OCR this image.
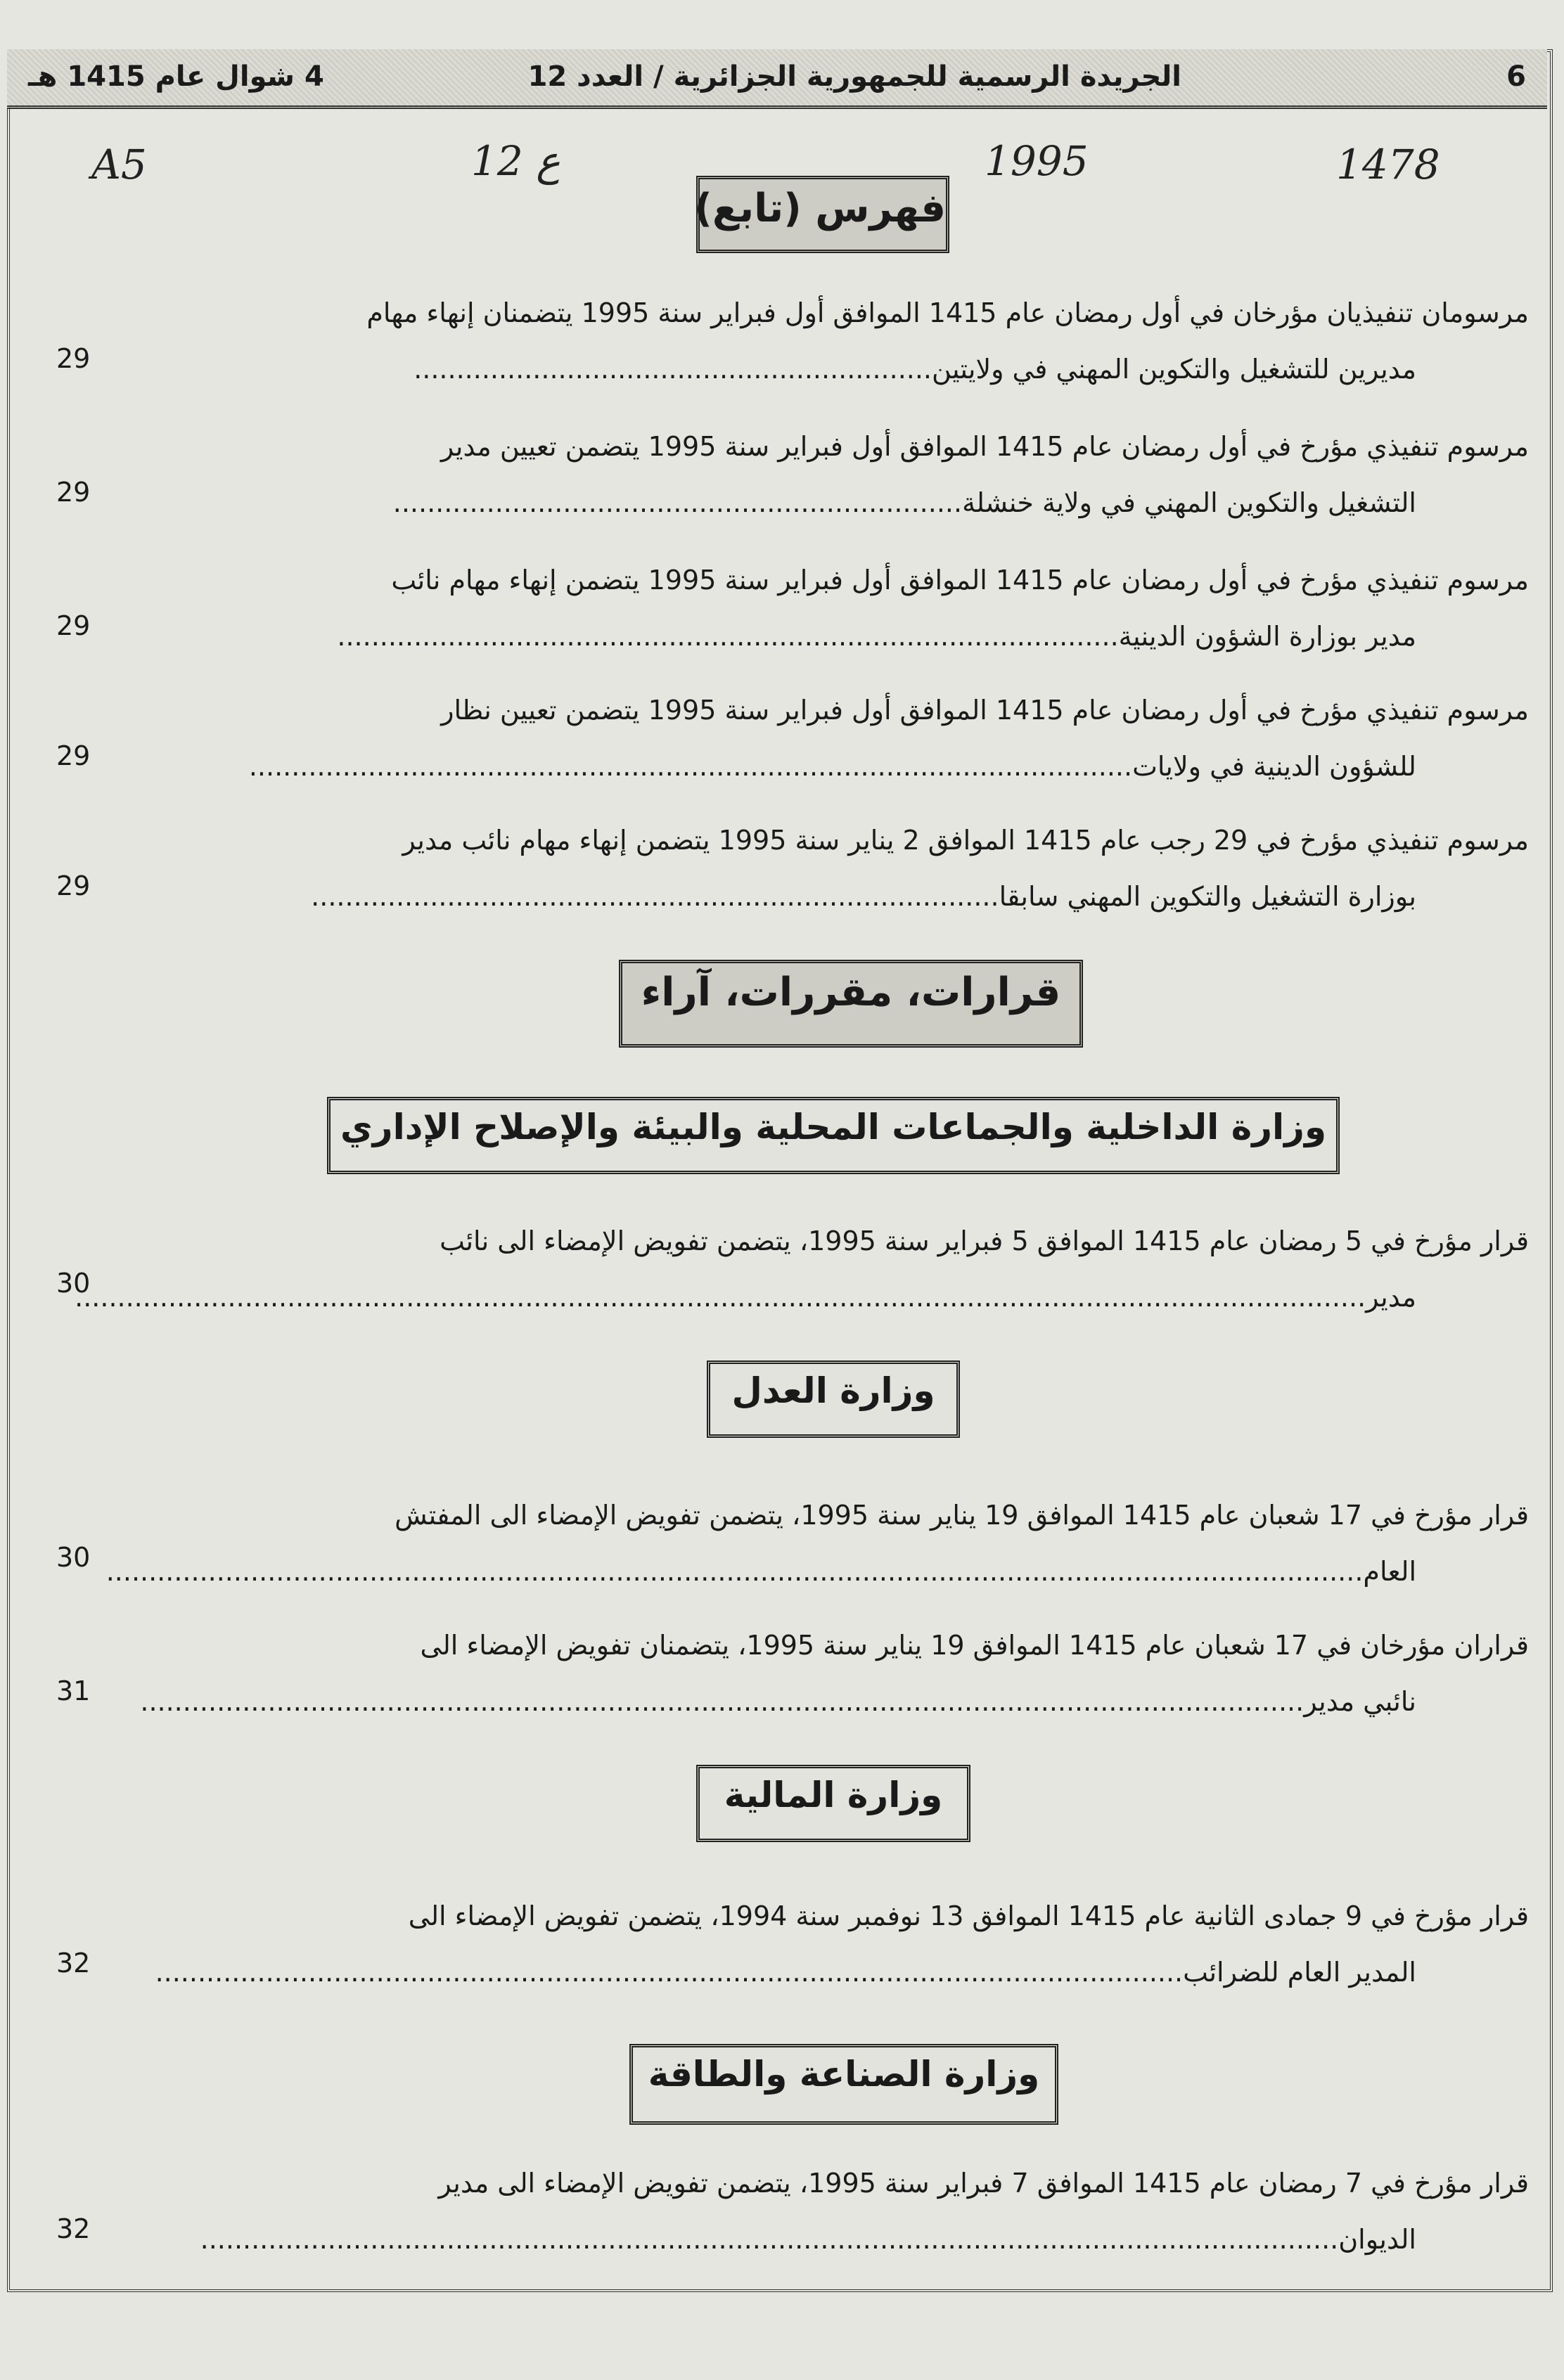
6
الجريدة الرسمية للجمهورية الجزائرية / العدد 12
4 شوال عام 1415 هـ
A5	12 ع	1995	1478
فهرس (تابع)

مرسومان تنفيذيان مؤرخان في أول رمضان عام 1415 الموافق أول فبراير سنة 1995 يتضمنان إنهاء مهام

مديرين للتشغيل والتكوين المهني في ولايتين.............................................................

29

مرسوم تنفيذي مؤرخ في أول رمضان عام 1415 الموافق أول فبراير سنة 1995 يتضمن تعيين مدير

التشغيل والتكوين المهني في ولاية خنشلة...................................................................

29

مرسوم تنفيذي مؤرخ في أول رمضان عام 1415 الموافق أول فبراير سنة 1995 يتضمن إنهاء مهام نائب

مدير بوزارة الشؤون الدينية............................................................................................

29

مرسوم تنفيذي مؤرخ في أول رمضان عام 1415 الموافق أول فبراير سنة 1995 يتضمن تعيين نظار

للشؤون الدينية في ولايات........................................................................................................

29

مرسوم تنفيذي مؤرخ في 29 رجب عام 1415 الموافق 2 يناير سنة 1995 يتضمن إنهاء مهام نائب مدير

بوزارة التشغيل والتكوين المهني سابقا.................................................................................

29
قرارات، مقررات، آراء
وزارة الداخلية والجماعات المحلية والبيئة والإصلاح الإداري

قرار مؤرخ في 5 رمضان عام 1415 الموافق 5 فبراير سنة 1995، يتضمن تفويض الإمضاء الى نائب

مدير........................................................................................................................................................

30
وزارة العدل

قرار مؤرخ في 17 شعبان عام 1415 الموافق 19 يناير سنة 1995، يتضمن تفويض الإمضاء الى المفتش

العام....................................................................................................................................................

30

قراران مؤرخان في 17 شعبان عام 1415 الموافق 19 يناير سنة 1995، يتضمنان تفويض الإمضاء الى

نائبي مدير.........................................................................................................................................

31
وزارة المالية

قرار مؤرخ في 9 جمادى الثانية عام 1415 الموافق 13 نوفمبر سنة 1994، يتضمن تفويض الإمضاء الى

المدير العام للضرائب.........................................................................................................................

32
وزارة الصناعة والطاقة

قرار مؤرخ في 7 رمضان عام 1415 الموافق 7 فبراير سنة 1995، يتضمن تفويض الإمضاء الى مدير

الديوان......................................................................................................................................

32
